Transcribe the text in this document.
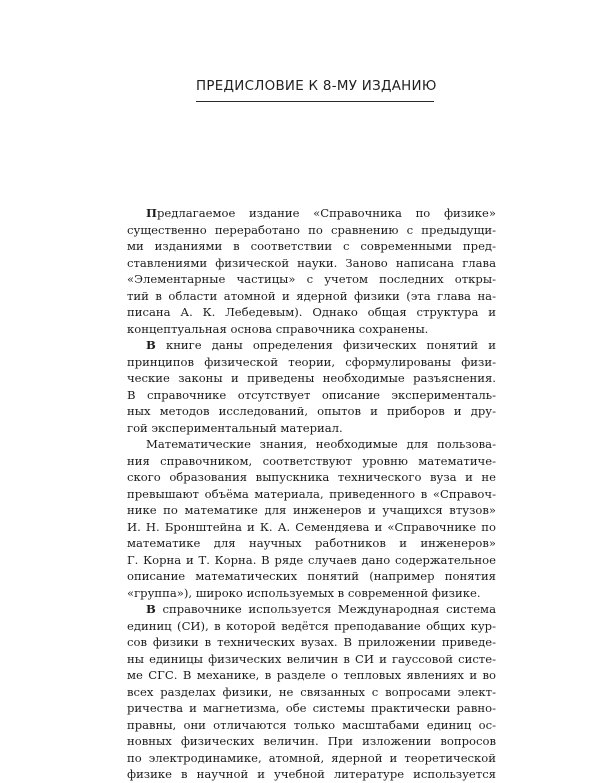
ПРЕДИСЛОВИЕ К 8-МУ ИЗДАНИЮ
Предлагаемое издание «Справочника по физике»
существенно переработано по сравнению с предыдущи-
ми изданиями в соответствии с современными пред-
ставлениями физической науки. Заново написана глава
«Элементарные частицы» с учетом последних откры-
тий в области атомной и ядерной физики (эта глава на-
писана А. К. Лебедевым). Однако общая структура и
концептуальная основа справочника сохранены.
В книге даны определения физических понятий и
принципов физической теории, сформулированы физи-
ческие законы и приведены необходимые разъяснения.
В справочнике отсутствует описание эксперименталь-
ных методов исследований, опытов и приборов и дру-
гой экспериментальный материал.
Математические знания, необходимые для пользова-
ния справочником, соответствуют уровню математиче-
ского образования выпускника технического вуза и не
превышают объёма материала, приведенного в «Справоч-
нике по математике для инженеров и учащихся втузов»
И. Н. Бронштейна и К. А. Семендяева и «Справочнике по
математике для научных работников и инженеров»
Г. Корна и Т. Корна. В ряде случаев дано содержательное
описание математических понятий (например понятия
«группа»), широко используемых в современной физике.
В справочнике используется Международная система
единиц (СИ), в которой ведётся преподавание общих кур-
сов физики в технических вузах. В приложении приведе-
ны единицы физических величин в СИ и гауссовой систе-
ме СГС. В механике, в разделе о тепловых явлениях и во
всех разделах физики, не связанных с вопросами элект-
ричества и магнетизма, обе системы практически равно-
правны, они отличаются только масштабами единиц ос-
новных физических величин. При изложении вопросов
по электродинамике, атомной, ядерной и теоретической
физике в научной и учебной литературе используется
